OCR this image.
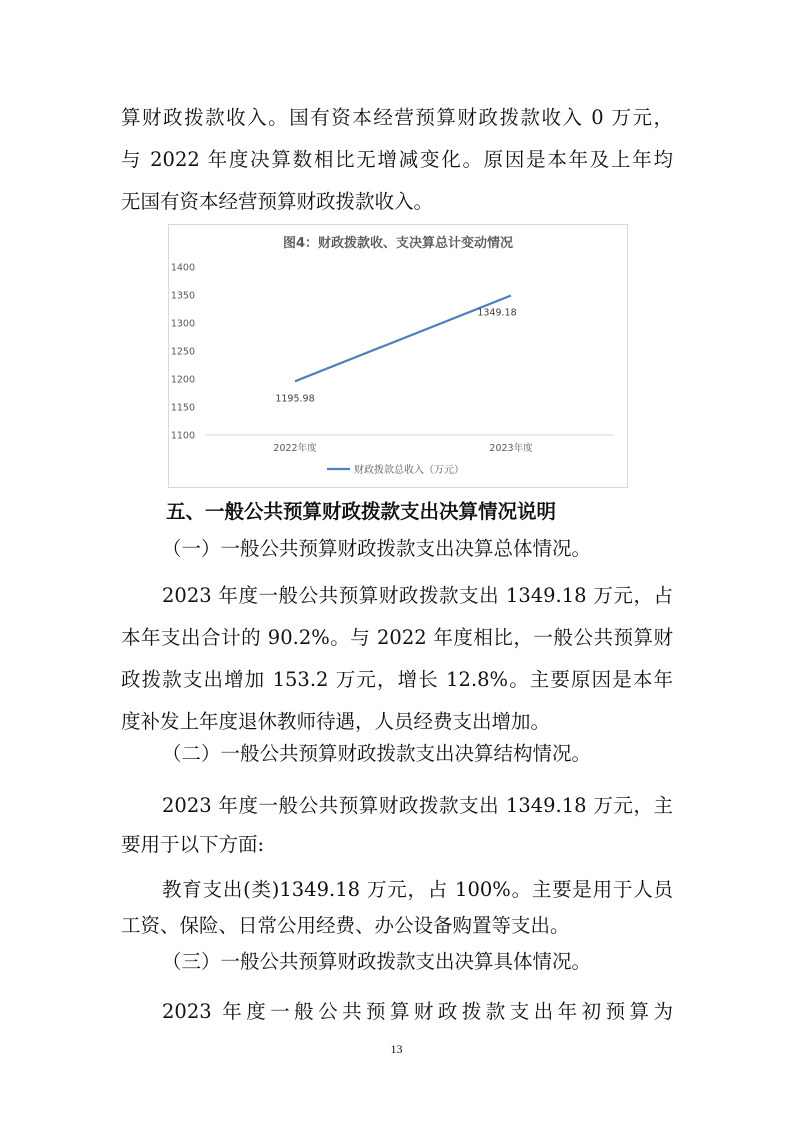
算财政拨款收入。国有资本经营预算财政拨款收入 0 万元，
与 2022 年度决算数相比无增减变化。原因是本年及上年均
无国有资本经营预算财政拨款收入。
图4：财政拨款收、支决算总计变动情况
1100
1150
1200
1250
1300
1350
1400
1195.98
1349.18
2022年度	2023年度
财政拨款总收入（万元）
五、一般公共预算财政拨款支出决算情况说明
（一）一般公共预算财政拨款支出决算总体情况。
2023 年度一般公共预算财政拨款支出 1349.18 万元，占
本年支出合计的 90.2%。与 2022 年度相比，一般公共预算财
政拨款支出增加 153.2 万元，增长 12.8%。主要原因是本年
度补发上年度退休教师待遇，人员经费支出增加。
（二）一般公共预算财政拨款支出决算结构情况。
2023 年度一般公共预算财政拨款支出 1349.18 万元，主
要用于以下方面:
教育支出(类)1349.18 万元，占 100%。主要是用于人员
工资、保险、日常公用经费、办公设备购置等支出。
（三）一般公共预算财政拨款支出决算具体情况。
2023 年度一般公共预算财政拨款支出年初预算为
13
